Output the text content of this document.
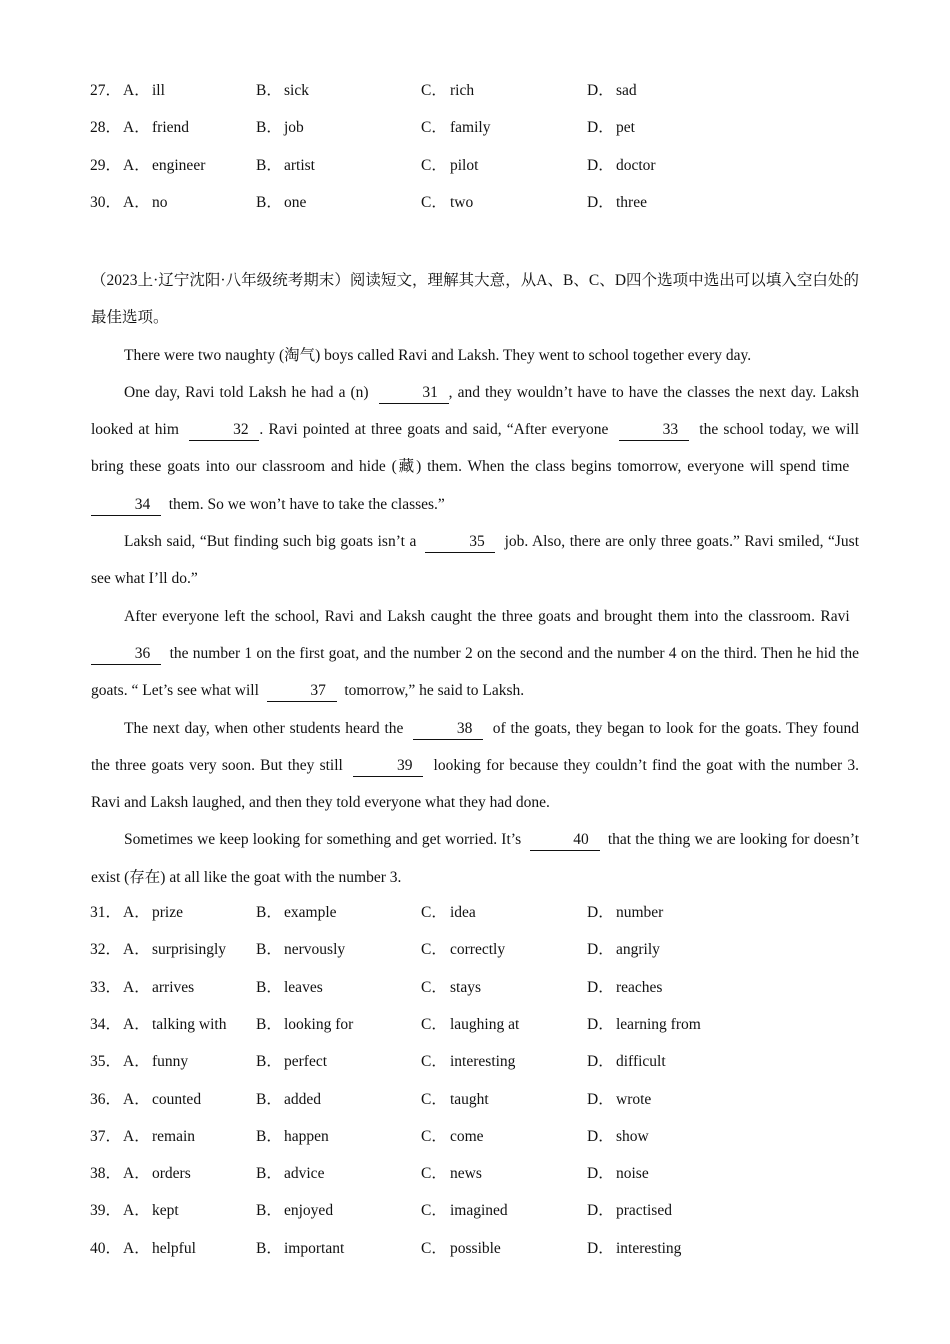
27． A． ill	B． sick	C． rich	D． sad
28． A． friend	B． job	C． family	D． pet
29． A． engineer	B． artist	C． pilot	D． doctor
30． A． no	B． one	C． two	D． three

（2023上·辽宁沈阳·八年级统考期末）阅读短文，理解其大意，从A、B、C、D四个选项中选出可以填入空白处的最佳选项。

There were two naughty (淘气) boys called Ravi and Laksh. They went to school together every day.

One day, Ravi told Laksh he had a (n)	31 , and they wouldn’t have to have the classes the next day. Laksh looked at him	32 . Ravi pointed at three goats and said, “After everyone	33 the school today, we will bring these goats into our classroom and hide (藏) them. When the class begins tomorrow, everyone will spend time  34 them. So we won’t have to take the classes.”

Laksh said, “But finding such big goats isn’t a	35 job. Also, there are only three goats.” Ravi smiled, “Just see what I’ll do.”

After everyone left the school, Ravi and Laksh caught the three goats and brought them into the classroom. Ravi  36 the number 1 on the first goat, and the number 2 on the second and the number 4 on the third. Then he hid the goats. “ Let’s see what will	37 tomorrow,” he said to Laksh.

The next day, when other students heard the	38 of the goats, they began to look for the goats. They found the three goats very soon. But they still	39 looking for because they couldn’t find the goat with the number 3. Ravi and Laksh laughed, and then they told everyone what they had done.

Sometimes we keep looking for something and get worried. It’s	40 that the thing we are looking for doesn’t exist (存在) at all like the goat with the number 3.

31． A． prize	B． example	C． idea	D． number
32． A． surprisingly B． nervously	C． correctly	D． angrily
33． A． arrives	B． leaves	C． stays	D． reaches
34． A． talking with B． looking for	C． laughing at	D． learning from
35． A． funny	B． perfect	C． interesting	D． difficult
36． A． counted	B． added	C． taught	D． wrote
37． A． remain	B． happen	C． come	D． show
38． A． orders	B． advice	C． news	D． noise
39． A． kept	B． enjoyed	C． imagined	D． practised
40． A． helpful	B． important	C． possible	D． interesting
